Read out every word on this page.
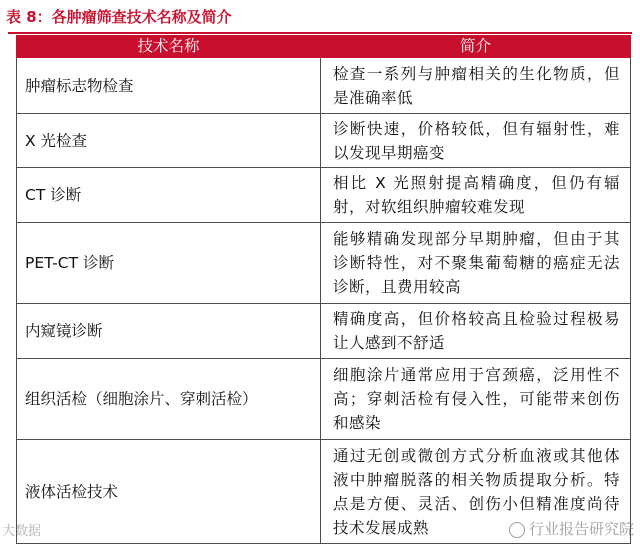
表 8：各肿瘤筛查技术名称及简介
技术名称	简介
肿瘤标志物检查	检查一系列与肿瘤相关的生化物质，但是准确率低
X 光检查	诊断快速，价格较低，但有辐射性，难以发现早期癌变
CT 诊断	相比 X 光照射提高精确度，但仍有辐射，对软组织肿瘤较难发现
PET-CT 诊断	能够精确发现部分早期肿瘤，但由于其诊断特性，对不聚集葡萄糖的癌症无法诊断，且费用较高
内窥镜诊断	精确度高，但价格较高且检验过程极易让人感到不舒适
组织活检（细胞涂片、穿刺活检）	细胞涂片通常应用于宫颈癌，泛用性不高；穿刺活检有侵入性，可能带来创伤和感染
液体活检技术	通过无创或微创方式分析血液或其他体液中肿瘤脱落的相关物质提取分析。特点是方便、灵活、创伤小但精准度尚待技术发展成熟
大数据	行业报告研究院
